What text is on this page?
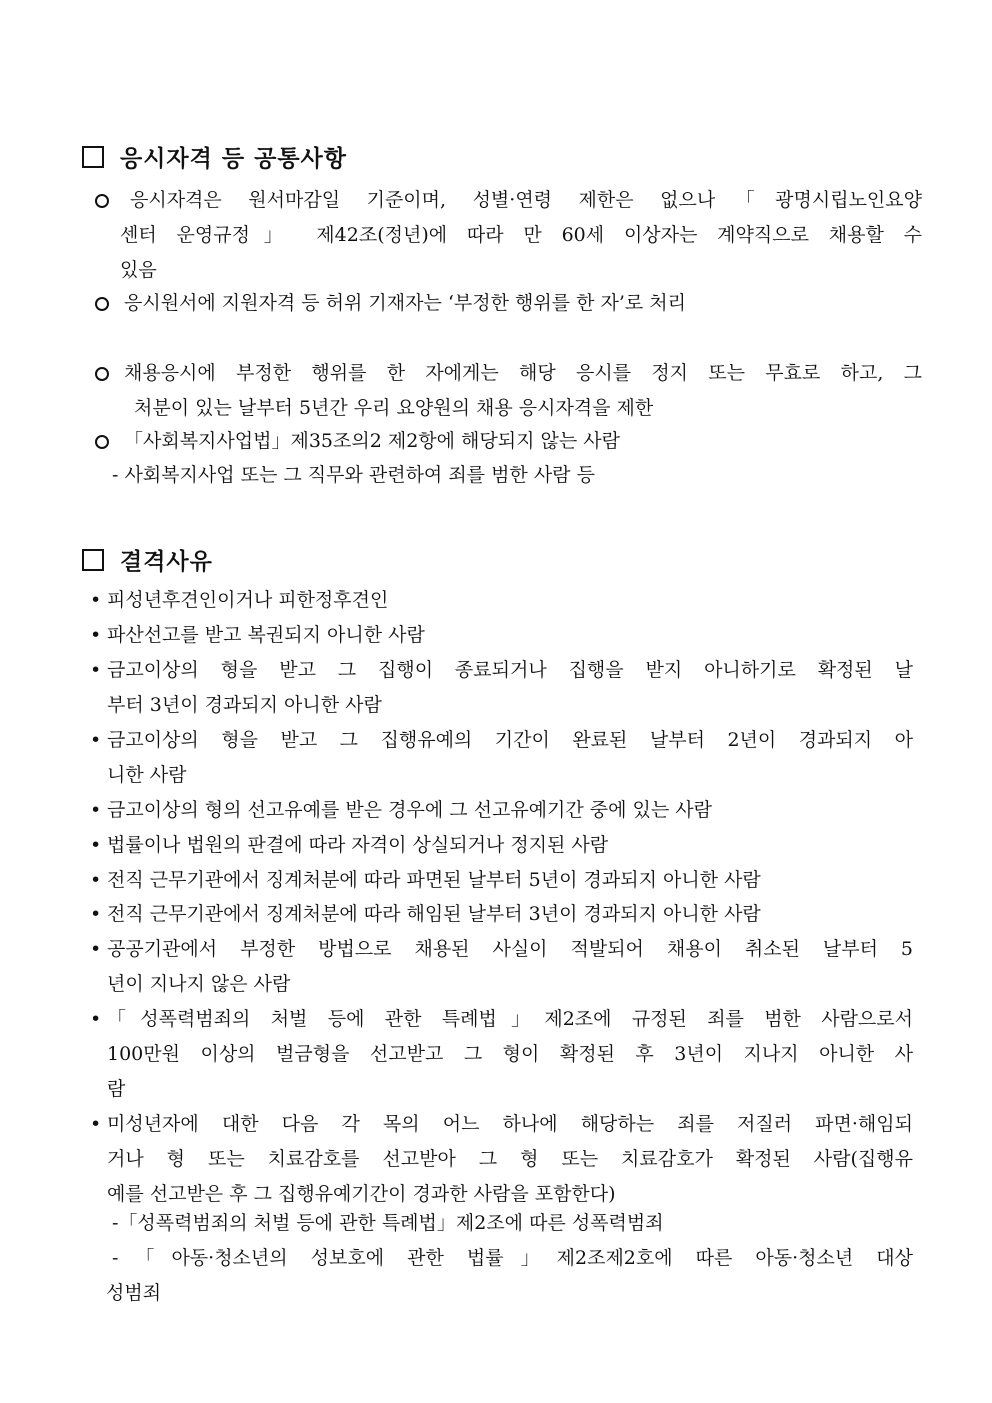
응시자격 등 공통사항
응시자격은 원서마감일 기준이며, 성별·연령 제한은 없으나「광명시립노인요양
센터 운영규정」 제42조(정년)에 따라 만 60세 이상자는 계약직으로 채용할 수
있음
응시원서에 지원자격 등 허위 기재자는 ‘부정한 행위를 한 자’로 처리
채용응시에 부정한 행위를 한 자에게는 해당 응시를 정지 또는 무효로 하고, 그
처분이 있는 날부터 5년간 우리 요양원의 채용 응시자격을 제한
「사회복지사업법」제35조의2 제2항에 해당되지 않는 사람
- 사회복지사업 또는 그 직무와 관련하여 죄를 범한 사람 등
결격사유
• 피성년후견인이거나 피한정후견인
• 파산선고를 받고 복권되지 아니한 사람
• 금고이상의 형을 받고 그 집행이 종료되거나 집행을 받지 아니하기로 확정된 날
부터 3년이 경과되지 아니한 사람
• 금고이상의 형을 받고 그 집행유예의 기간이 완료된 날부터 2년이 경과되지 아
니한 사람
• 금고이상의 형의 선고유예를 받은 경우에 그 선고유예기간 중에 있는 사람
• 법률이나 법원의 판결에 따라 자격이 상실되거나 정지된 사람
• 전직 근무기관에서 징계처분에 따라 파면된 날부터 5년이 경과되지 아니한 사람
• 전직 근무기관에서 징계처분에 따라 해임된 날부터 3년이 경과되지 아니한 사람
• 공공기관에서 부정한 방법으로 채용된 사실이 적발되어 채용이 취소된 날부터 5
년이 지나지 않은 사람
• 「성폭력범죄의 처벌 등에 관한 특례법」제2조에 규정된 죄를 범한 사람으로서
100만원 이상의 벌금형을 선고받고 그 형이 확정된 후 3년이 지나지 아니한 사
람
• 미성년자에 대한 다음 각 목의 어느 하나에 해당하는 죄를 저질러 파면·해임되
거나 형 또는 치료감호를 선고받아 그 형 또는 치료감호가 확정된 사람(집행유
예를 선고받은 후 그 집행유예기간이 경과한 사람을 포함한다)
-「성폭력범죄의 처벌 등에 관한 특례법」제2조에 따른 성폭력범죄
-「아동·청소년의 성보호에 관한 법률」제2조제2호에 따른 아동·청소년 대상
성범죄
